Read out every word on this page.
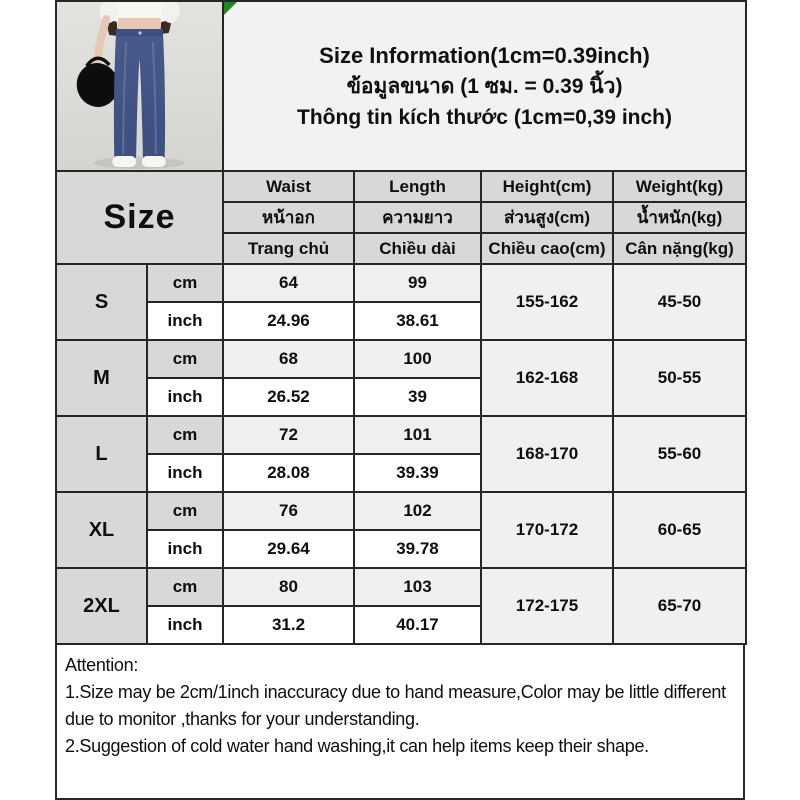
Size Information(1cm=0.39inch)
ข้อมูลขนาด (1 ซม. = 0.39 นิ้ว)
Thông tin kích thước (1cm=0,39 inch)			

Size		Waist	Length	Height(cm)	Weight(kg)
		หน้าอก	ความยาว	ส่วนสูง(cm)	น้ำหนัก(kg)
		Trang chủ	Chiều dài	Chiều cao(cm)	Cân nặng(kg)
S	cm	64	99	155-162	45-50
	inch	24.96	38.61		
M	cm	68	100	162-168	50-55
	inch	26.52	39		
L	cm	72	101	168-170	55-60
	inch	28.08	39.39		
XL	cm	76	102	170-172	60-65
	inch	29.64	39.78		
2XL	cm	80	103	172-175	65-70
	inch	31.2	40.17		
Attention:
1.Size may be 2cm/1inch inaccuracy due to hand measure,Color may be little different due to monitor ,thanks for your understanding.
2.Suggestion of cold water hand washing,it can help items keep their shape.
